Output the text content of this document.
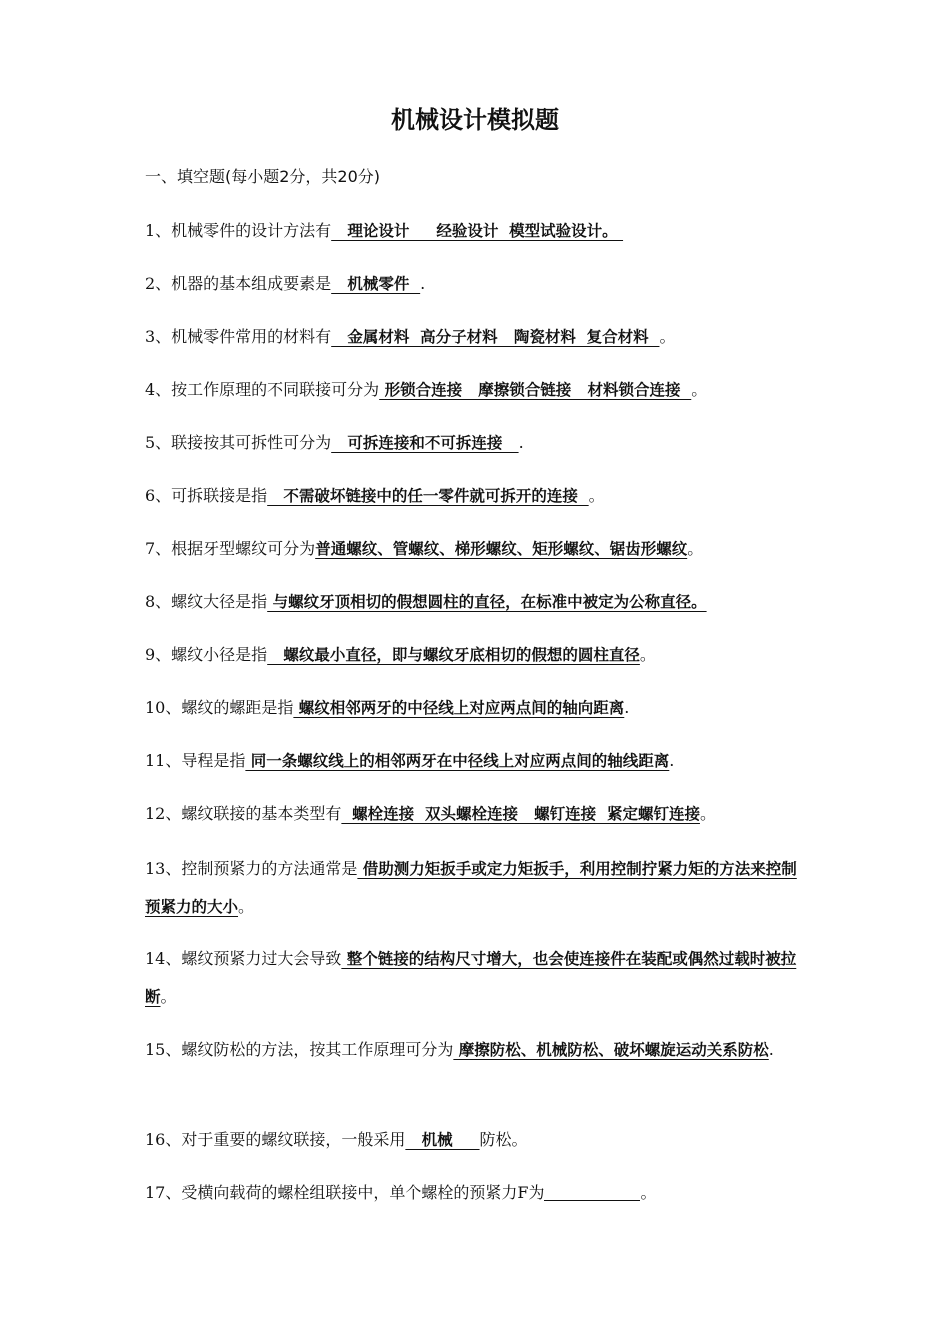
机械设计模拟题
一、填空题(每小题2分，共20分)
1、机械零件的设计方法有   理论设计     经验设计  模型试验设计。
2、机器的基本组成要素是   机械零件  .
3、机械零件常用的材料有   金属材料  高分子材料   陶瓷材料  复合材料  。
4、按工作原理的不同联接可分为 形锁合连接   摩擦锁合链接   材料锁合连接  。
5、联接按其可拆性可分为   可拆连接和不可拆连接   .
6、可拆联接是指   不需破坏链接中的任一零件就可拆开的连接  。
7、根据牙型螺纹可分为普通螺纹、管螺纹、梯形螺纹、矩形螺纹、锯齿形螺纹。
8、螺纹大径是指 与螺纹牙顶相切的假想圆柱的直径，在标准中被定为公称直径。
9、螺纹小径是指   螺纹最小直径，即与螺纹牙底相切的假想的圆柱直径。
10、螺纹的螺距是指 螺纹相邻两牙的中径线上对应两点间的轴向距离.
11、导程是指 同一条螺纹线上的相邻两牙在中径线上对应两点间的轴线距离.
12、螺纹联接的基本类型有  螺栓连接  双头螺栓连接   螺钉连接  紧定螺钉连接。
13、控制预紧力的方法通常是 借助测力矩扳手或定力矩扳手，利用控制拧紧力矩的方法来控制预紧力的大小。
14、螺纹预紧力过大会导致 整个链接的结构尺寸增大，也会使连接件在装配或偶然过载时被拉断。
15、螺纹防松的方法，按其工作原理可分为 摩擦防松、机械防松、破坏螺旋运动关系防松.
16、对于重要的螺纹联接，一般采用   机械     防松。
17、受横向载荷的螺栓组联接中，单个螺栓的预紧力F为	。
